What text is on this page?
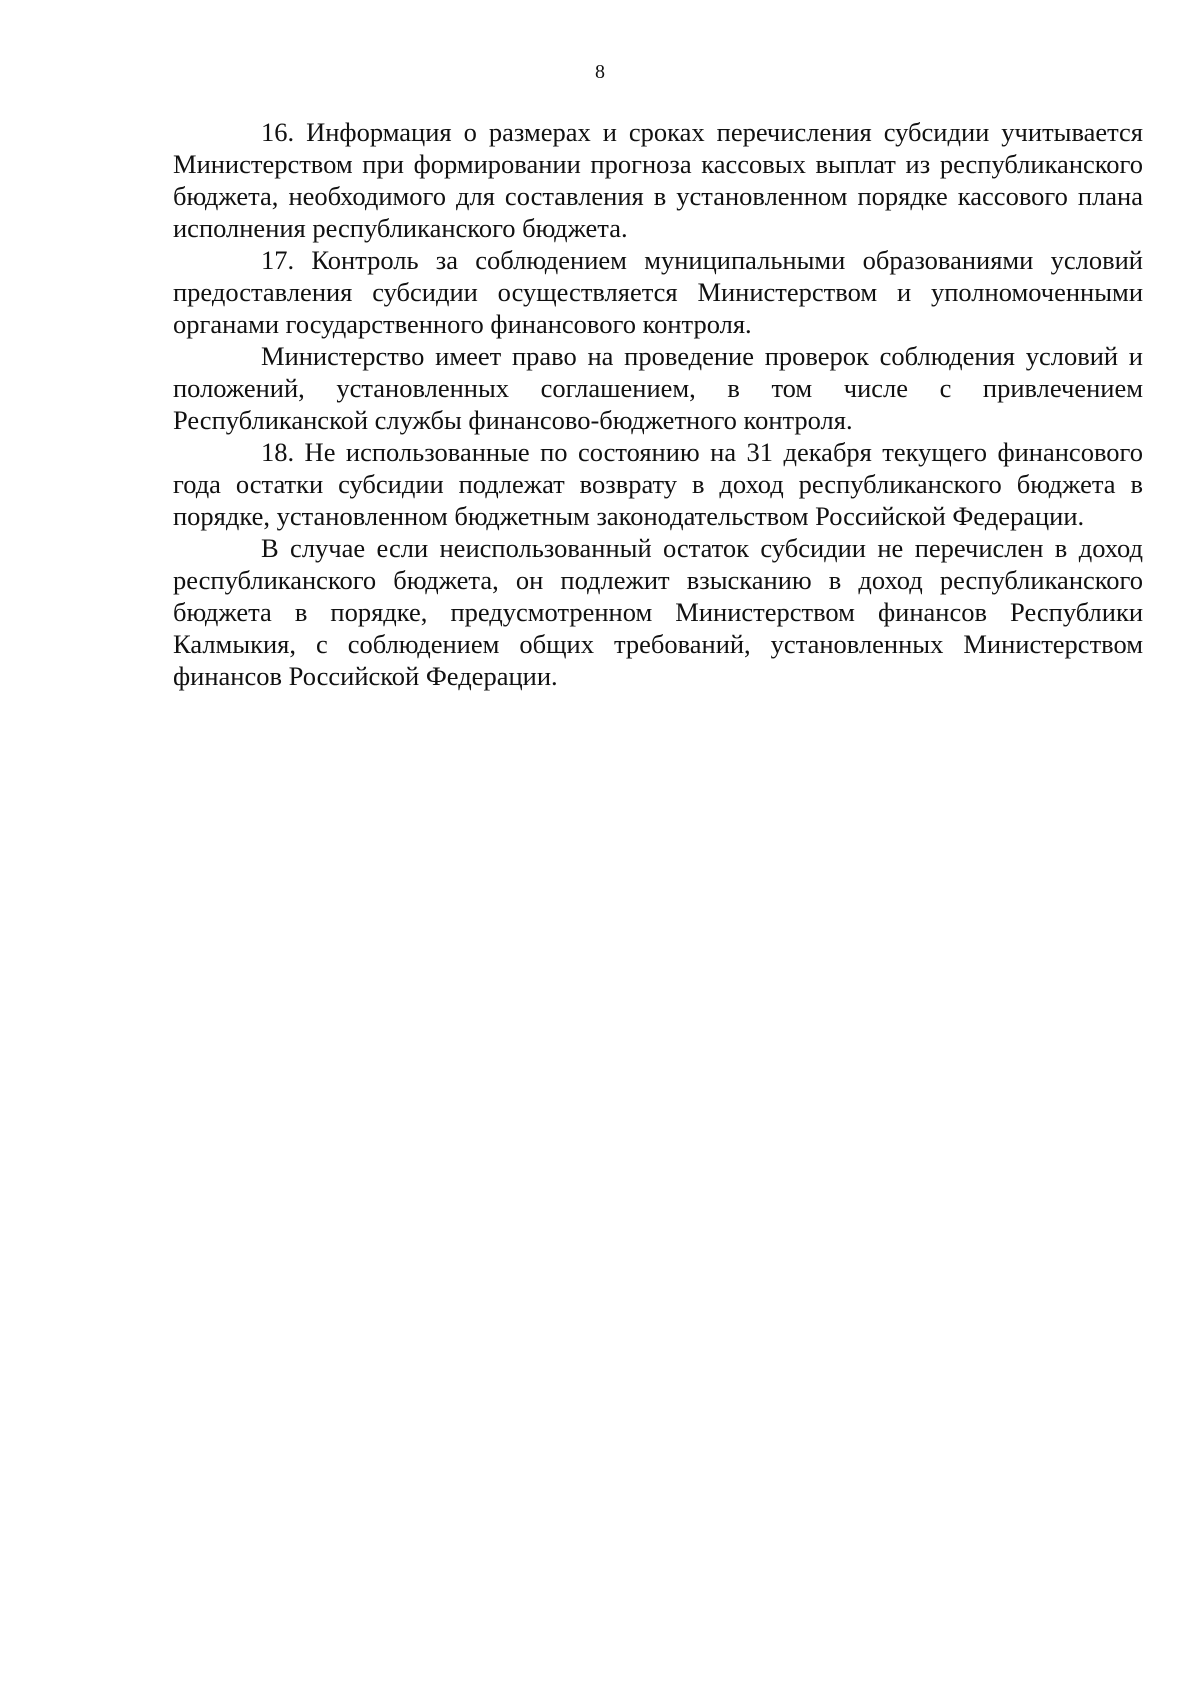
8

16. Информация о размерах и сроках перечисления субсидии учитывается Министерством при формировании прогноза кассовых выплат из республиканского бюджета, необходимого для составления в установленном порядке кассового плана исполнения республиканского бюджета.

17. Контроль за соблюдением муниципальными образованиями условий предоставления субсидии осуществляется Министерством и уполномоченными органами государственного финансового контроля.

Министерство имеет право на проведение проверок соблюдения условий и положений, установленных соглашением, в том числе с привлечением Республиканской службы финансово-бюджетного контроля.

18. Не использованные по состоянию на 31 декабря текущего финансового года остатки субсидии подлежат возврату в доход республиканского бюджета в порядке, установленном бюджетным законодательством Российской Федерации.

В случае если неиспользованный остаток субсидии не перечислен в доход республиканского бюджета, он подлежит взысканию в доход республиканского бюджета в порядке, предусмотренном Министерством финансов Республики Калмыкия, с соблюдением общих требований, установленных Министерством финансов Российской Федерации.
